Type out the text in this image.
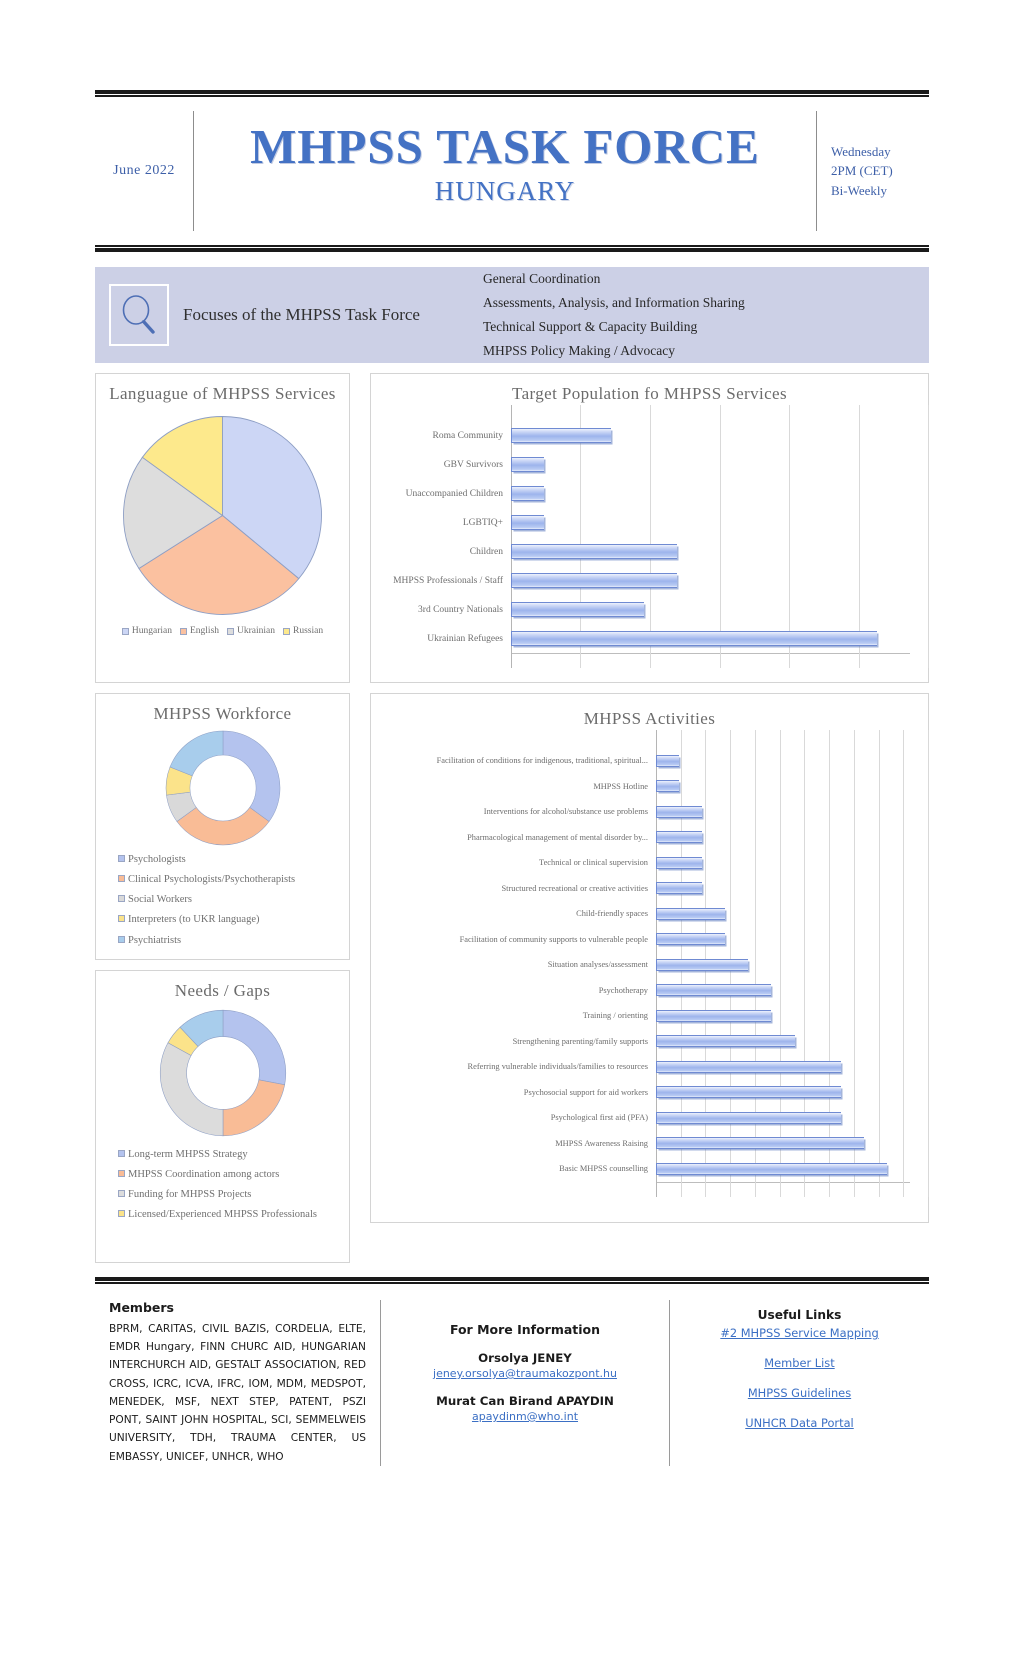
June 2022	MHPSS TASK FORCE
HUNGARY
Wednesday
2PM (CET)
Bi-Weekly
Focuses of the MHPSS Task Force
General Coordination
Assessments, Analysis, and Information Sharing
Technical Support & Capacity Building
MHPSS Policy Making / Advocacy
Languague of MHPSS Services
Hungarian English Ukrainian Russian
MHPSS Workforce
Psychologists
Clinical Psychologists/Psychotherapists
Social Workers
Interpreters (to UKR language)
Psychiatrists
Needs / Gaps
Long-term MHPSS Strategy
MHPSS Coordination among actors
Funding for MHPSS Projects
Licensed/Experienced MHPSS Professionals
Target Population fo MHPSS Services
Roma Community
GBV Survivors
Unaccompanied Children
LGBTIQ+
Children
MHPSS Professionals / Staff
3rd Country Nationals
Ukrainian Refugees
MHPSS Activities
Facilitation of conditions for indigenous, traditional, spiritual...
MHPSS Hotline
Interventions for alcohol/substance use problems
Pharmacological management of mental disorder by...
Technical or clinical supervision
Structured recreational or creative activities
Child-friendly spaces
Facilitation of community supports to vulnerable people
Situation analyses/assessment
Psychotherapy
Training / orienting
Strengthening parenting/family supports
Referring vulnerable individuals/families to resources
Psychosocial support for aid workers
Psychological first aid (PFA)
MHPSS Awareness Raising
Basic MHPSS counselling
Members
BPRM, CARITAS, CIVIL BAZIS, CORDELIA, ELTE, EMDR Hungary, FINN CHURC AID, HUNGARIAN INTERCHURCH AID, GESTALT ASSOCIATION, RED CROSS, ICRC, ICVA, IFRC, IOM, MDM, MEDSPOT, MENEDEK, MSF, NEXT STEP, PATENT, PSZI PONT, SAINT JOHN HOSPITAL, SCI, SEMMELWEIS UNIVERSITY, TDH, TRAUMA CENTER, US EMBASSY, UNICEF, UNHCR, WHO
For More Information
Orsolya JENEY
jeney.orsolya@traumakozpont.hu
Murat Can Birand APAYDIN
apaydinm@who.int
Useful Links
#2 MHPSS Service Mapping
Member List
MHPSS Guidelines
UNHCR Data Portal
